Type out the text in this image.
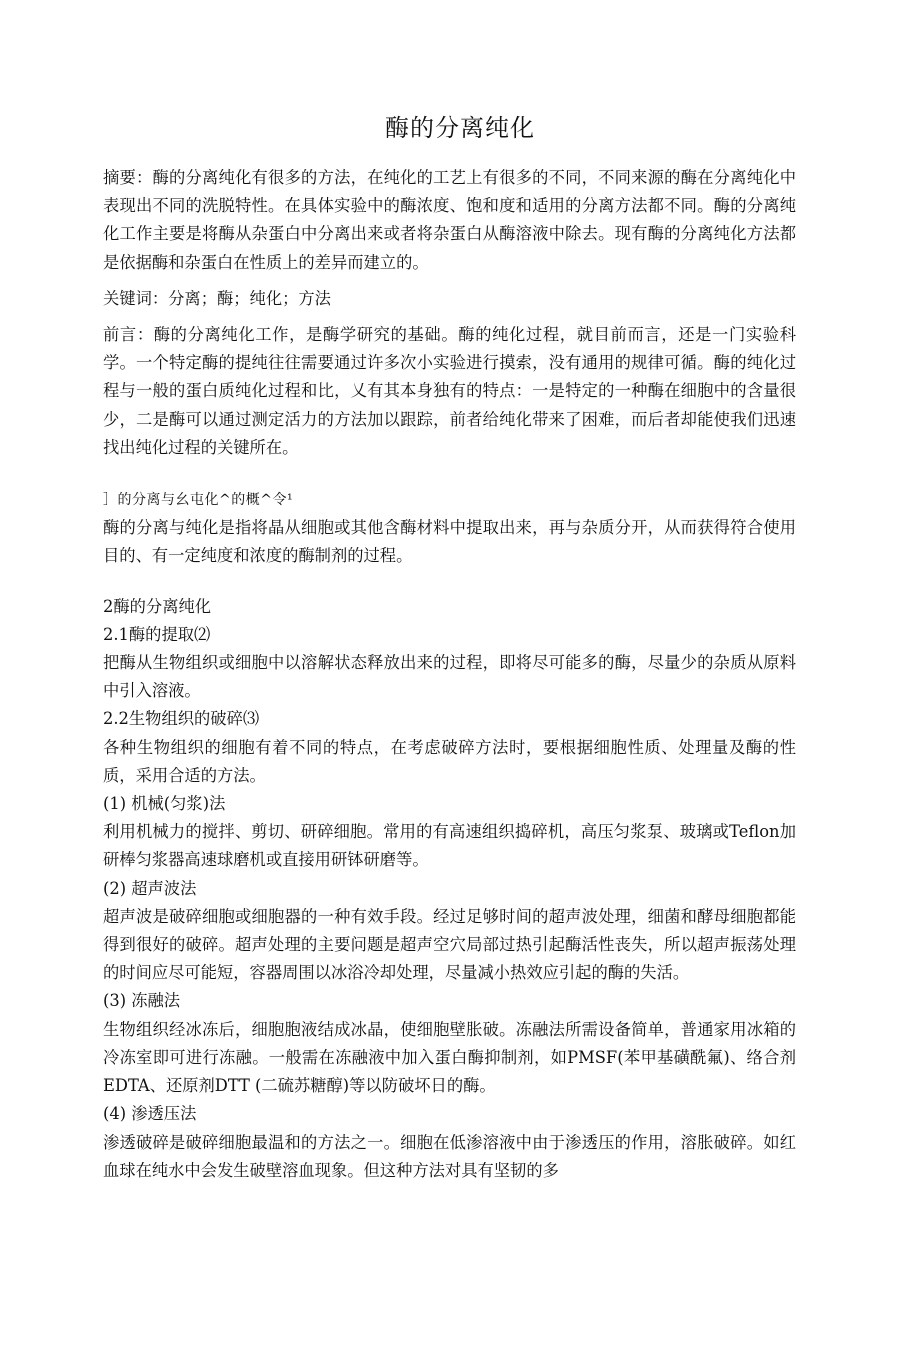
酶的分离纯化

摘要：酶的分离纯化有很多的方法，在纯化的工艺上有很多的不同，不同来源的酶在分离纯化中表现出不同的洗脱特性。在具体实验中的酶浓度、饱和度和适用的分离方法都不同。酶的分离纯化工作主要是将酶从杂蛋白中分离出来或者将杂蛋白从酶溶液中除去。现有酶的分离纯化方法都是依据酶和杂蛋白在性质上的差异而建立的。

关键词：分离；酶；纯化；方法

前言：酶的分离纯化工作，是酶学研究的基础。酶的纯化过程，就目前而言，还是一门实验科学。一个特定酶的提纯往往需要通过许多次小实验进行摸索，没有通用的规律可循。酶的纯化过程与一般的蛋白质纯化过程和比，乂有其本身独有的特点：一是特定的一种酶在细胞中的含量很少，二是酶可以通过测定活力的方法加以跟踪，前者给纯化带来了困难，而后者却能使我们迅速找出纯化过程的关键所在。

］的分离与幺屯化^的概^令¹

酶的分离与纯化是指将晶从细胞或其他含酶材料中提取出来，再与杂质分开，从而获得符合使用目的、有一定纯度和浓度的酶制剂的过程。

2酶的分离纯化

2.1酶的提取⑵

把酶从生物组织或细胞中以溶解状态释放出来的过程，即将尽可能多的酶，尽量少的杂质从原料中引入溶液。

2.2生物组织的破碎⑶

各种生物组织的细胞有着不同的特点，在考虑破碎方法时，要根据细胞性质、处理量及酶的性质，采用合适的方法。

(1) 机械(匀浆)法

利用机械力的搅拌、剪切、研碎细胞。常用的有高速组织捣碎机，高压匀浆泵、玻璃或Teflon加研棒匀浆器高速球磨机或直接用研钵研磨等。

(2) 超声波法

超声波是破碎细胞或细胞器的一种有效手段。经过足够时间的超声波处理，细菌和酵母细胞都能得到很好的破碎。超声处理的主要问题是超声空穴局部过热引起酶活性丧失，所以超声振荡处理的时间应尽可能短，容器周围以冰浴冷却处理，尽量减小热效应引起的酶的失活。

(3) 冻融法

生物组织经冰冻后，细胞胞液结成冰晶，使细胞壁胀破。冻融法所需设备简单，普通家用冰箱的冷冻室即可进行冻融。一般需在冻融液中加入蛋白酶抑制剂，如PMSF(苯甲基磺酰氟)、络合剂EDTA、还原剂DTT (二硫苏糖醇)等以防破坏日的酶。

(4) 渗透压法

渗透破碎是破碎细胞最温和的方法之一。细胞在低渗溶液中由于渗透压的作用，溶胀破碎。如红血球在纯水中会发生破壁溶血现象。但这种方法对具有坚韧的多
